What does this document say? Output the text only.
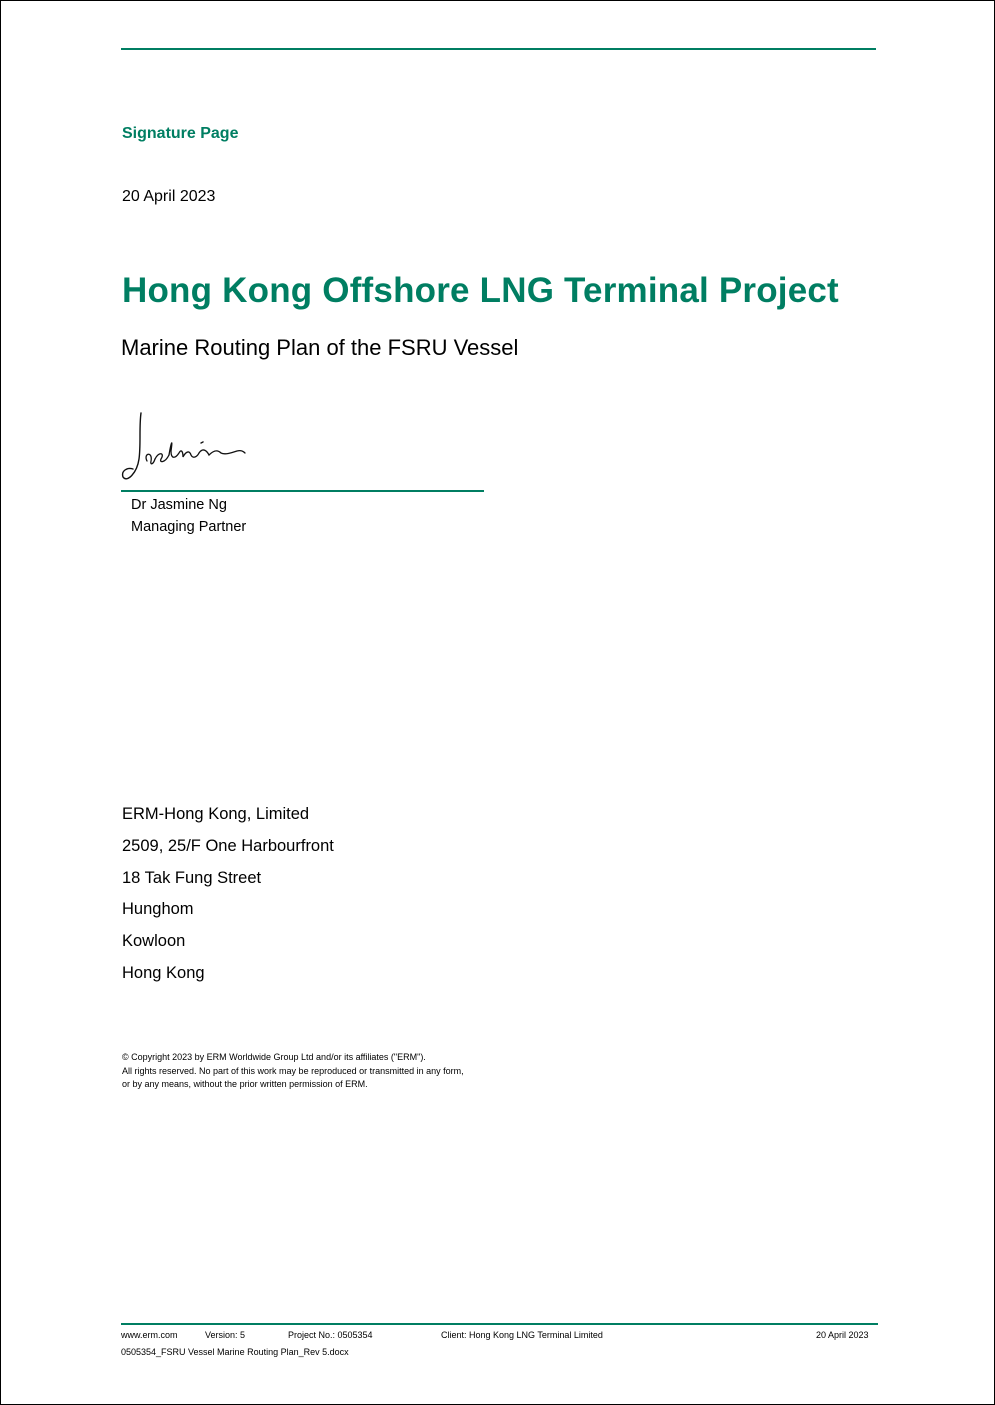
Signature Page
20 April 2023
Hong Kong Offshore LNG Terminal Project
Marine Routing Plan of the FSRU Vessel
Dr Jasmine Ng
Managing Partner
ERM-Hong Kong, Limited
2509, 25/F One Harbourfront
18 Tak Fung Street
Hunghom
Kowloon
Hong Kong
© Copyright 2023 by ERM Worldwide Group Ltd and/or its affiliates ("ERM").
All rights reserved. No part of this work may be reproduced or transmitted in any form,
or by any means, without the prior written permission of ERM.
www.erm.com	Version: 5	Project No.: 0505354	Client: Hong Kong LNG Terminal Limited	20 April 2023
0505354_FSRU Vessel Marine Routing Plan_Rev 5.docx
